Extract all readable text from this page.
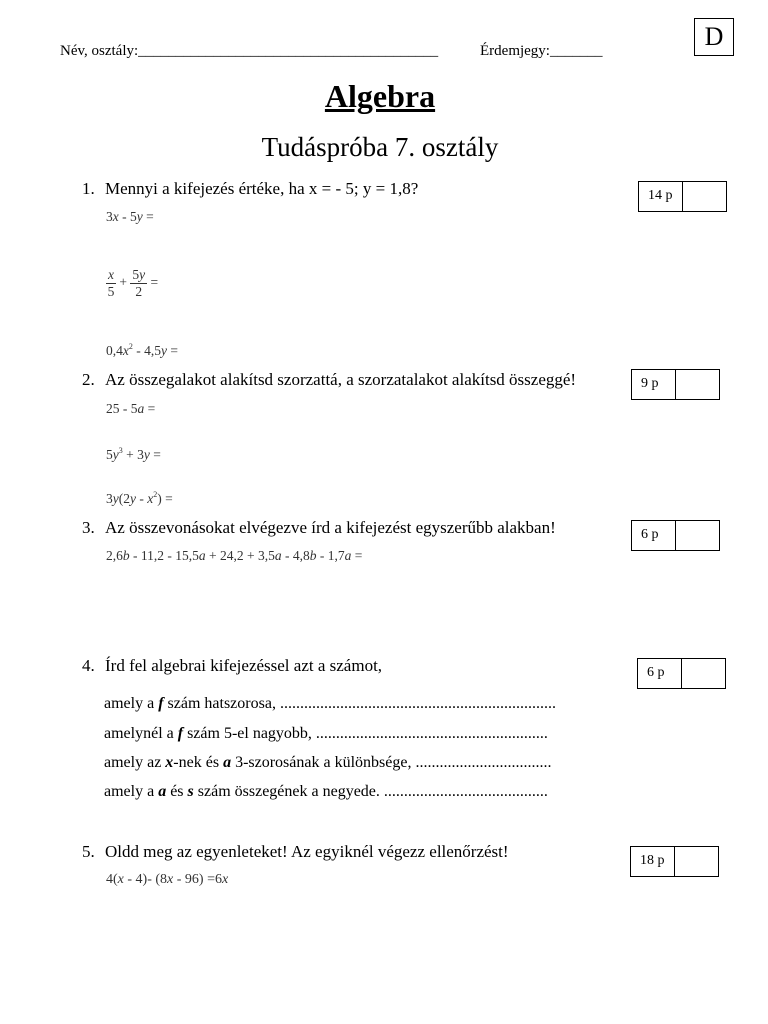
Név, osztály:________________________________________	Érdemjegy:_______	D
Algebra
Tudáspróba 7. osztály
1. Mennyi a kifejezés értéke, ha x = - 5; y = 1,8?	14 p
3x - 5y =
$\frac{x}{5} + \frac{5y}{2}$ =
$0,4x^2 - 4,5y$ =
2. Az összegalakot alakítsd szorzattá, a szorzatalakot alakítsd összeggé!	9 p
25 - 5a =
$5y^3 + 3y$ =
$3y(2y - x^2)$ =
3. Az összevonásokat elvégezve írd a kifejezést egyszerűbb alakban!	6 p
2,6b - 11,2 - 15,5a + 24,2 + 3,5a - 4,8b - 1,7a =
4. Írd fel algebrai kifejezéssel azt a számot,	6 p
amely a f szám hatszorosa, .....................................................................
amelynél a f szám 5-el nagyobb, ..........................................................
amely az x-nek és a 3-szorosának a különbsége, ..................................
amely a a és s szám összegének a negyede. .........................................
5. Oldd meg az egyenleteket! Az egyiknél végezz ellenőrzést!	18 p
4(x - 4)- (8x - 96) =6x
